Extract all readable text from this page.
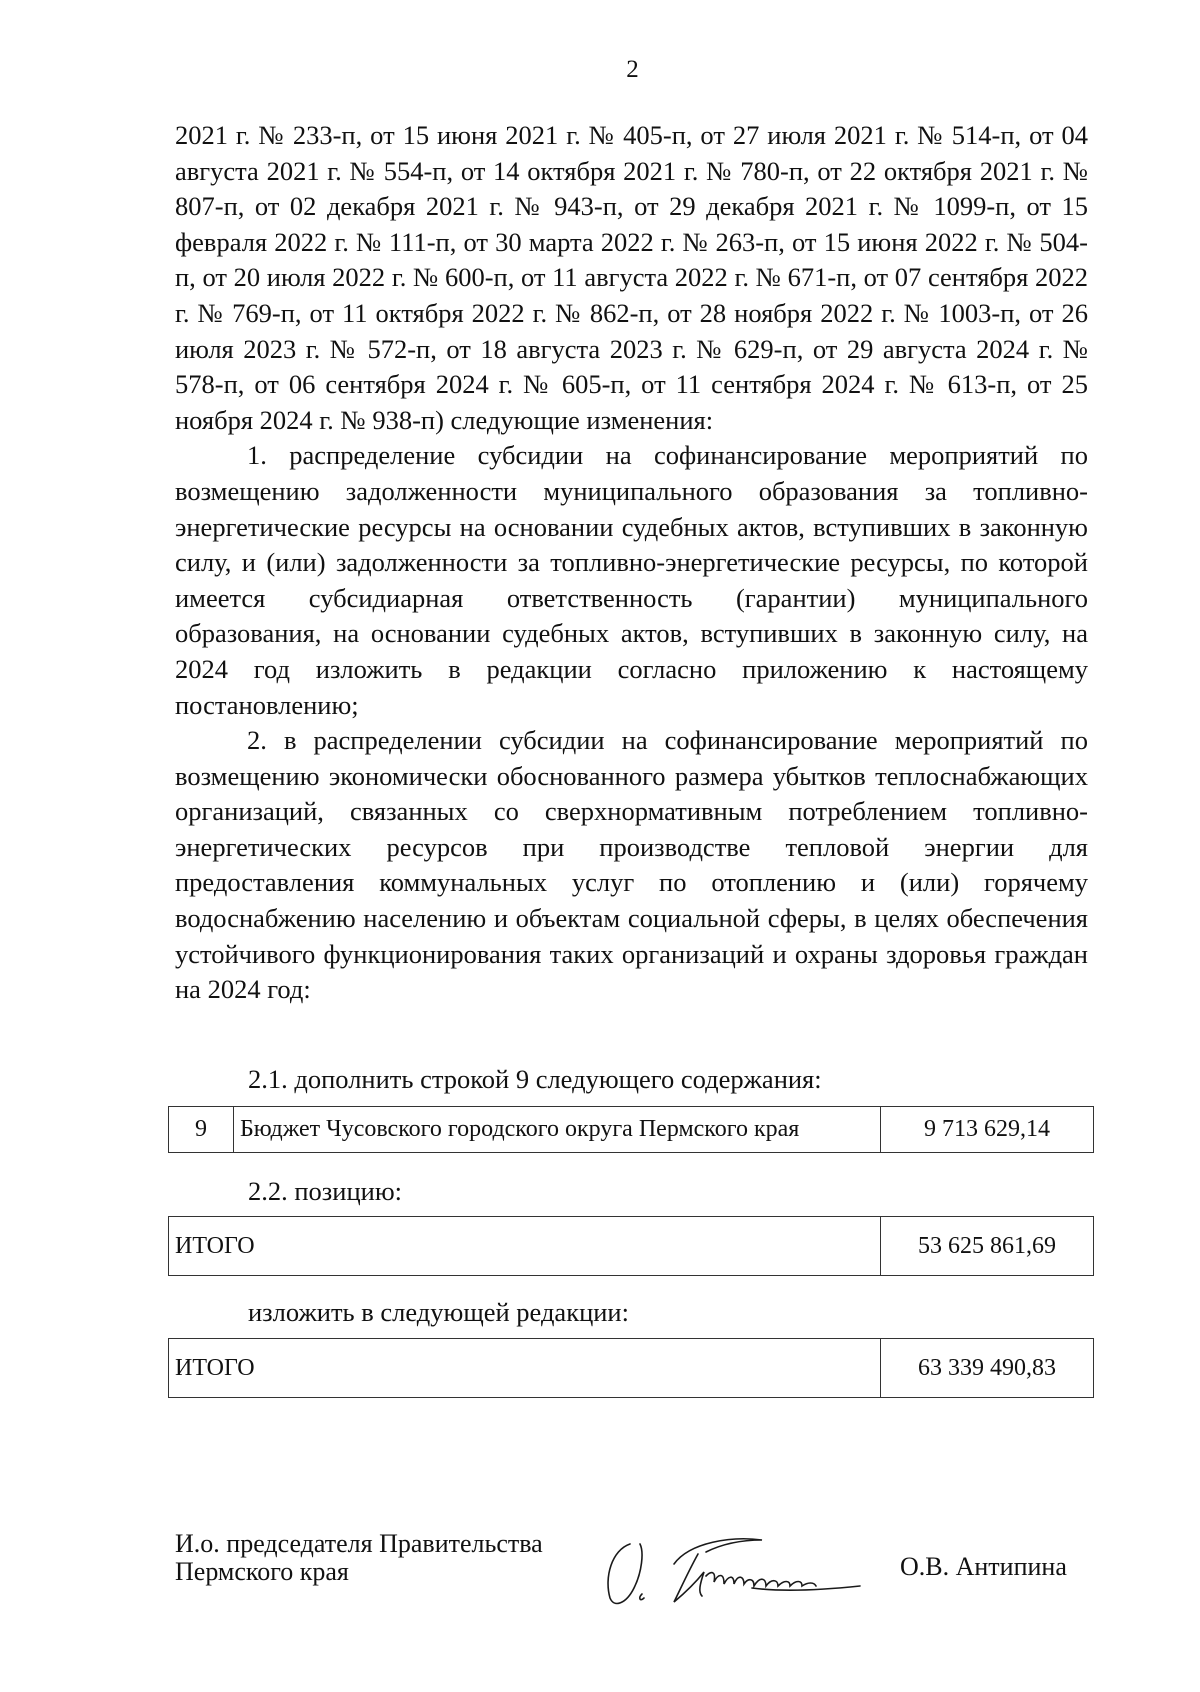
2

2021 г. № 233-п, от 15 июня 2021 г. № 405-п, от 27 июля 2021 г. № 514-п, от 04 августа 2021 г. № 554-п, от 14 октября 2021 г. № 780-п, от 22 октября 2021 г. № 807-п, от 02 декабря 2021 г. № 943-п, от 29 декабря 2021 г. № 1099-п, от 15 февраля 2022 г. № 111-п, от 30 марта 2022 г. № 263-п, от 15 июня 2022 г. № 504-п, от 20 июля 2022 г. № 600-п, от 11 августа 2022 г. № 671-п, от 07 сентября 2022 г. № 769-п, от 11 октября 2022 г. № 862-п, от 28 ноября 2022 г. № 1003-п, от 26 июля 2023 г. № 572-п, от 18 августа 2023 г. № 629-п, от 29 августа 2024 г. № 578-п, от 06 сентября 2024 г. № 605-п, от 11 сентября 2024 г. № 613-п, от 25 ноября 2024 г. № 938-п) следующие изменения:

1. распределение субсидии на софинансирование мероприятий по возмещению задолженности муниципального образования за топливно-энергетические ресурсы на основании судебных актов, вступивших в законную силу, и (или) задолженности за топливно-энергетические ресурсы, по которой имеется субсидиарная ответственность (гарантии) муниципального образования, на основании судебных актов, вступивших в законную силу, на 2024 год изложить в редакции согласно приложению к настоящему постановлению;

2. в распределении субсидии на софинансирование мероприятий по возмещению экономически обоснованного размера убытков теплоснабжающих организаций, связанных со сверхнормативным потреблением топливно-энергетических ресурсов при производстве тепловой энергии для предоставления коммунальных услуг по отоплению и (или) горячему водоснабжению населению и объектам социальной сферы, в целях обеспечения устойчивого функционирования таких организаций и охраны здоровья граждан на 2024 год:

2.1. дополнить строкой 9 следующего содержания:
9	Бюджет Чусовского городского округа Пермского края	9 713 629,14
2.2. позицию:
ИТОГО	53 625 861,69
изложить в следующей редакции:
ИТОГО	63 339 490,83
И.о. председателя Правительства
Пермского края	О.В. Антипина
